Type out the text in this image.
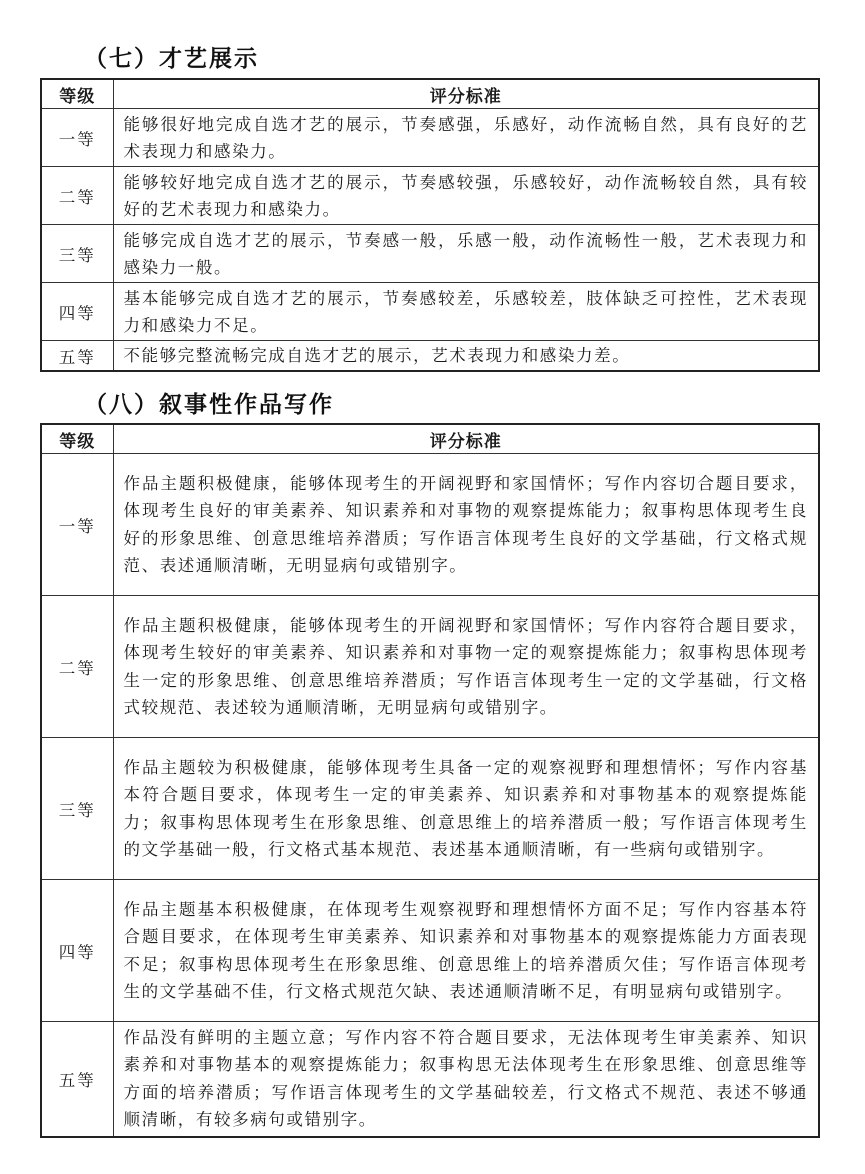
（七）才艺展示
等级	评分标准
一等	能够很好地完成自选才艺的展示，节奏感强，乐感好，动作流畅自然，具有良好的艺术表现力和感染力。
二等	能够较好地完成自选才艺的展示，节奏感较强，乐感较好，动作流畅较自然，具有较好的艺术表现力和感染力。
三等	能够完成自选才艺的展示，节奏感一般，乐感一般，动作流畅性一般，艺术表现力和感染力一般。
四等	基本能够完成自选才艺的展示，节奏感较差，乐感较差，肢体缺乏可控性，艺术表现力和感染力不足。
五等	不能够完整流畅完成自选才艺的展示，艺术表现力和感染力差。
（八）叙事性作品写作
等级	评分标准
一等	作品主题积极健康，能够体现考生的开阔视野和家国情怀；写作内容切合题目要求，体现考生良好的审美素养、知识素养和对事物的观察提炼能力；叙事构思体现考生良好的形象思维、创意思维培养潜质；写作语言体现考生良好的文学基础，行文格式规范、表述通顺清晰，无明显病句或错别字。
二等	作品主题积极健康，能够体现考生的开阔视野和家国情怀；写作内容符合题目要求，体现考生较好的审美素养、知识素养和对事物一定的观察提炼能力；叙事构思体现考生一定的形象思维、创意思维培养潜质；写作语言体现考生一定的文学基础，行文格式较规范、表述较为通顺清晰，无明显病句或错别字。
三等	作品主题较为积极健康，能够体现考生具备一定的观察视野和理想情怀；写作内容基本符合题目要求，体现考生一定的审美素养、知识素养和对事物基本的观察提炼能力；叙事构思体现考生在形象思维、创意思维上的培养潜质一般；写作语言体现考生的文学基础一般，行文格式基本规范、表述基本通顺清晰，有一些病句或错别字。
四等	作品主题基本积极健康，在体现考生观察视野和理想情怀方面不足；写作内容基本符合题目要求，在体现考生审美素养、知识素养和对事物基本的观察提炼能力方面表现不足；叙事构思体现考生在形象思维、创意思维上的培养潜质欠佳；写作语言体现考生的文学基础不佳，行文格式规范欠缺、表述通顺清晰不足，有明显病句或错别字。
五等	作品没有鲜明的主题立意；写作内容不符合题目要求，无法体现考生审美素养、知识素养和对事物基本的观察提炼能力；叙事构思无法体现考生在形象思维、创意思维等方面的培养潜质；写作语言体现考生的文学基础较差，行文格式不规范、表述不够通顺清晰，有较多病句或错别字。
